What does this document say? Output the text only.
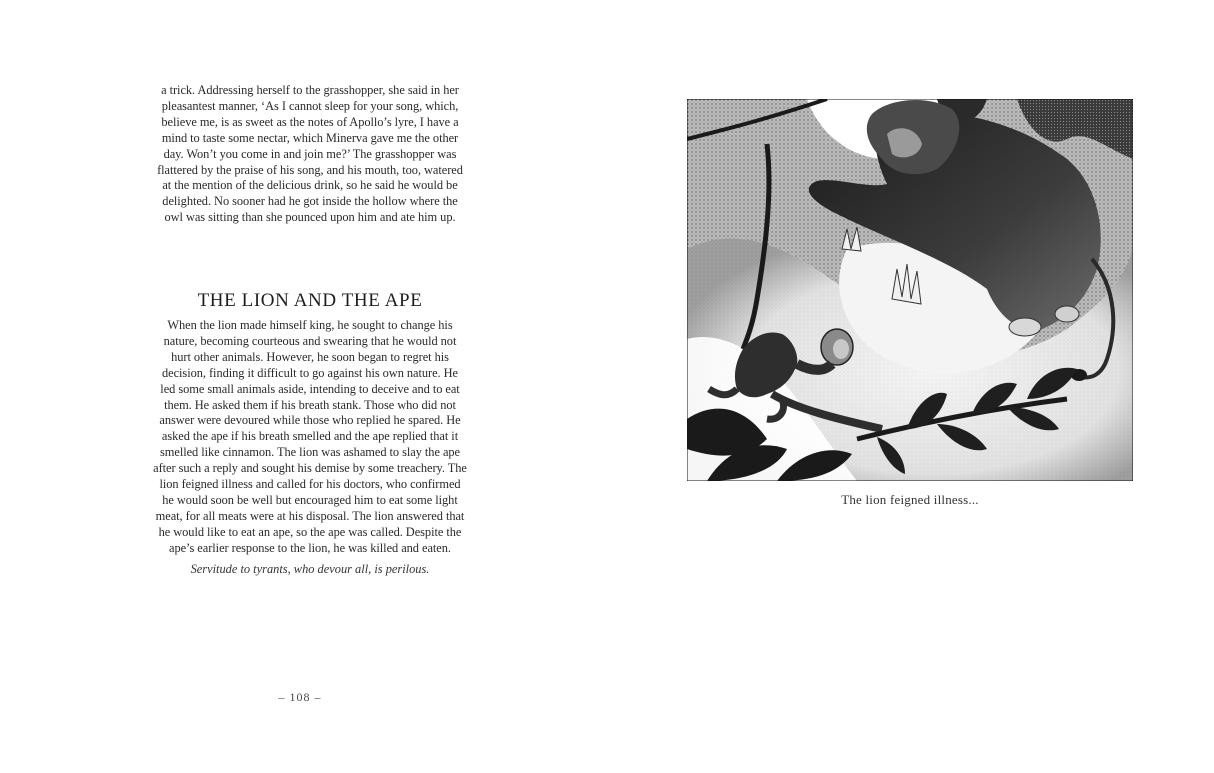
a trick. Addressing herself to the grasshopper, she said in her
pleasantest manner, ‘As I cannot sleep for your song, which,
believe me, is as sweet as the notes of Apollo’s lyre, I have a
mind to taste some nectar, which Minerva gave me the other
day. Won’t you come in and join me?’ The grasshopper was
flattered by the praise of his song, and his mouth, too, watered
at the mention of the delicious drink, so he said he would be
delighted. No sooner had he got inside the hollow where the
owl was sitting than she pounced upon him and ate him up.
THE LION AND THE APE
When the lion made himself king, he sought to change his
nature, becoming courteous and swearing that he would not
hurt other animals. However, he soon began to regret his
decision, finding it difficult to go against his own nature. He
led some small animals aside, intending to deceive and to eat
them. He asked them if his breath stank. Those who did not
answer were devoured while those who replied he spared. He
asked the ape if his breath smelled and the ape replied that it
smelled like cinnamon. The lion was ashamed to slay the ape
after such a reply and sought his demise by some treachery. The
lion feigned illness and called for his doctors, who confirmed
he would soon be well but encouraged him to eat some light
meat, for all meats were at his disposal. The lion answered that
he would like to eat an ape, so the ape was called. Despite the
ape’s earlier response to the lion, he was killed and eaten.
Servitude to tyrants, who devour all, is perilous.
– 108 –
The lion feigned illness...
